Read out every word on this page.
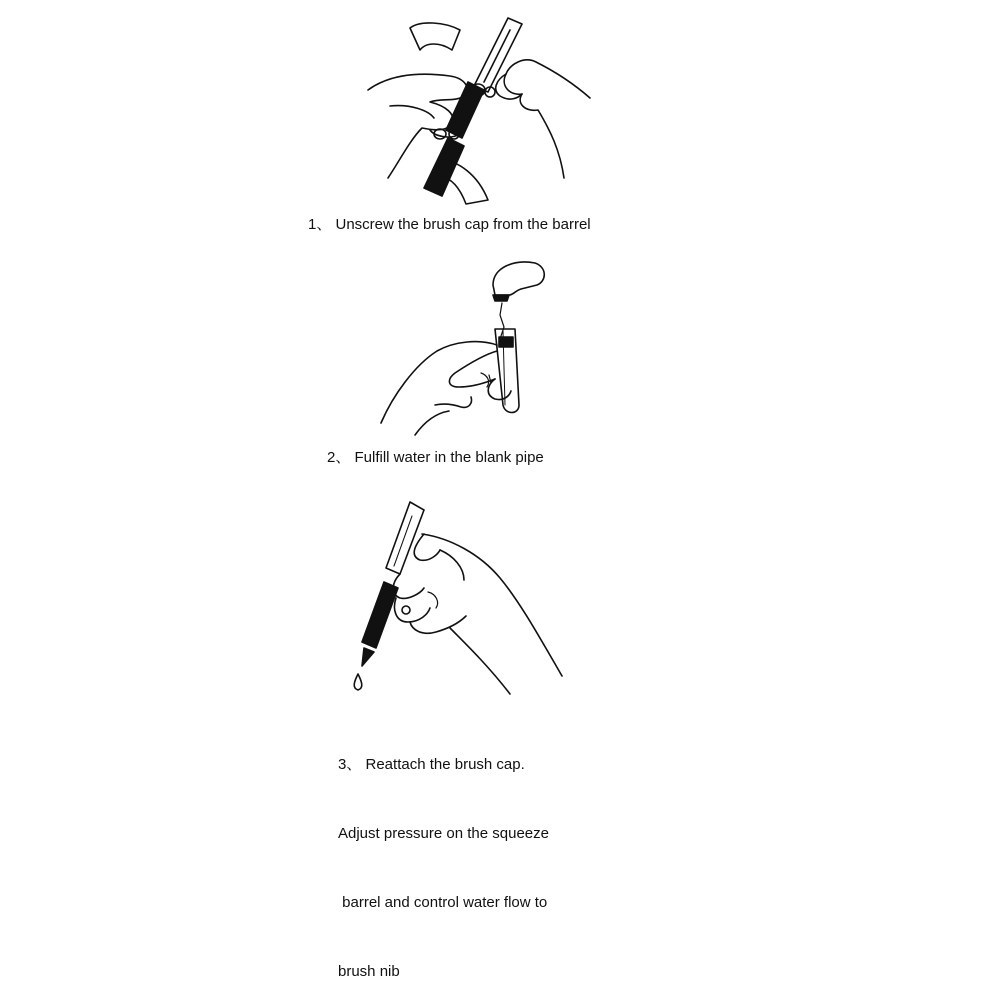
1、 Unscrew the brush cap from the barrel
2、 Fulfill water in the blank pipe

3、 Reattach the brush cap.

Adjust pressure on the squeeze

barrel and control water flow to

brush nib
